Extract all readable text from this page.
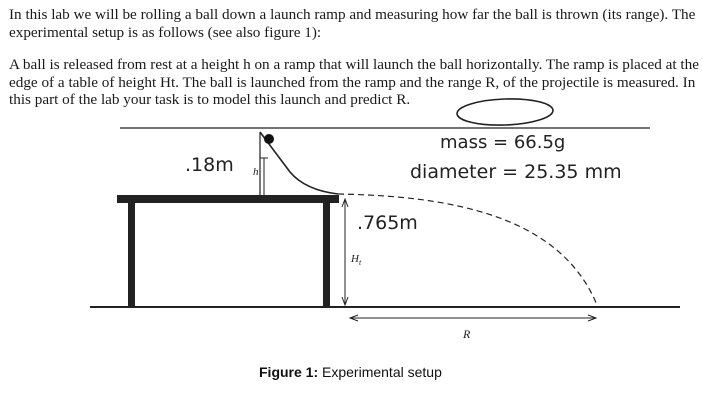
In this lab we will be rolling a ball down a launch ramp and measuring how far the ball is thrown (its range). The experimental setup is as follows (see also figure 1):

A ball is released from rest at a height h on a ramp that will launch the ball horizontally. The ramp is placed at the edge of a table of height Ht. The ball is launched from the ramp and the range R, of the projectile is measured. In this part of the lab your task is to model this launch and predict R.

h
$H_t$
R
.18m
.765m
mass = 66.5g
diameter = 25.35 mm
Figure 1: Experimental setup
